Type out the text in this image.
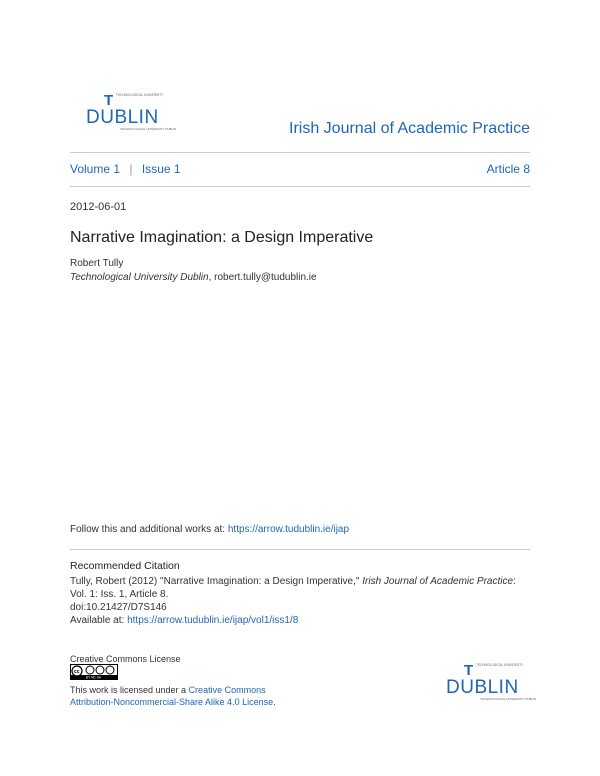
T TECHNOLOGICAL UNIVERSITY
DUBLIN
TECHNOLOGICAL UNIVERSITY DUBLIN	Irish Journal of Academic Practice
Volume 1 | Issue 1	Article 8
2012-06-01
Narrative Imagination: a Design Imperative
Robert Tully
Technological University Dublin, robert.tully@tudublin.ie
Follow this and additional works at: https://arrow.tudublin.ie/ijap
Recommended Citation
Tully, Robert (2012) "Narrative Imagination: a Design Imperative," Irish Journal of Academic Practice: Vol. 1: Iss. 1, Article 8.
doi:10.21427/D7S146
Available at: https://arrow.tudublin.ie/ijap/vol1/iss1/8
Creative Commons License
cc
BY NC SA
This work is licensed under a Creative Commons Attribution-Noncommercial-Share Alike 4.0 License.
T TECHNOLOGICAL UNIVERSITY
DUBLIN
TECHNOLOGICAL UNIVERSITY DUBLIN
